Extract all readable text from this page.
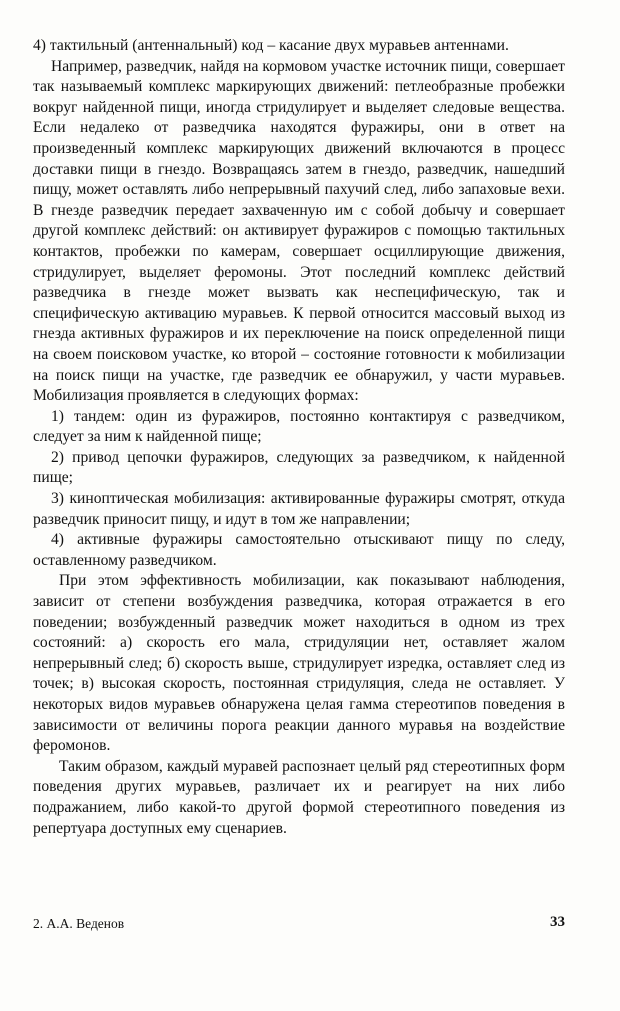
4) тактильный (антеннальный) код – касание двух муравьев антеннами.

Например, разведчик, найдя на кормовом участке источник пищи, совершает так называемый комплекс маркирующих движений: петлеобразные пробежки вокруг найденной пищи, иногда стридулирует и выделяет следовые вещества. Если недалеко от разведчика находятся фуражиры, они в ответ на произведенный комплекс маркирующих движений включаются в процесс доставки пищи в гнездо. Возвращаясь затем в гнездо, разведчик, нашедший пищу, может оставлять либо непрерывный пахучий след, либо запаховые вехи. В гнезде разведчик передает захваченную им с собой добычу и совершает другой комплекс действий: он активирует фуражиров с помощью тактильных контактов, пробежки по камерам, совершает осциллирующие движения, стридулирует, выделяет феромоны. Этот последний комплекс действий разведчика в гнезде может вызвать как неспецифическую, так и специфическую активацию муравьев. К первой относится массовый выход из гнезда активных фуражиров и их переключение на поиск определенной пищи на своем поисковом участке, ко второй – состояние готовности к мобилизации на поиск пищи на участке, где разведчик ее обнаружил, у части муравьев. Мобилизация проявляется в следующих формах:

1) тандем: один из фуражиров, постоянно контактируя с разведчиком, следует за ним к найденной пище;

2) привод цепочки фуражиров, следующих за разведчиком, к найденной пище;

3) киноптическая мобилизация: активированные фуражиры смотрят, откуда разведчик приносит пищу, и идут в том же направлении;

4) активные фуражиры самостоятельно отыскивают пищу по следу, оставленному разведчиком.

При этом эффективность мобилизации, как показывают наблюдения, зависит от степени возбуждения разведчика, которая отражается в его поведении; возбужденный разведчик может находиться в одном из трех состояний: а) скорость его мала, стридуляции нет, оставляет жалом непрерывный след; б) скорость выше, стридулирует изредка, оставляет след из точек; в) высокая скорость, постоянная стридуляция, следа не оставляет. У некоторых видов муравьев обнаружена целая гамма стереотипов поведения в зависимости от величины порога реакции данного муравья на воздействие феромонов.

Таким образом, каждый муравей распознает целый ряд стереотипных форм поведения других муравьев, различает их и реагирует на них либо подражанием, либо какой-то другой формой стереотипного поведения из репертуара доступных ему сценариев.

2. А.А. Веденов	33
